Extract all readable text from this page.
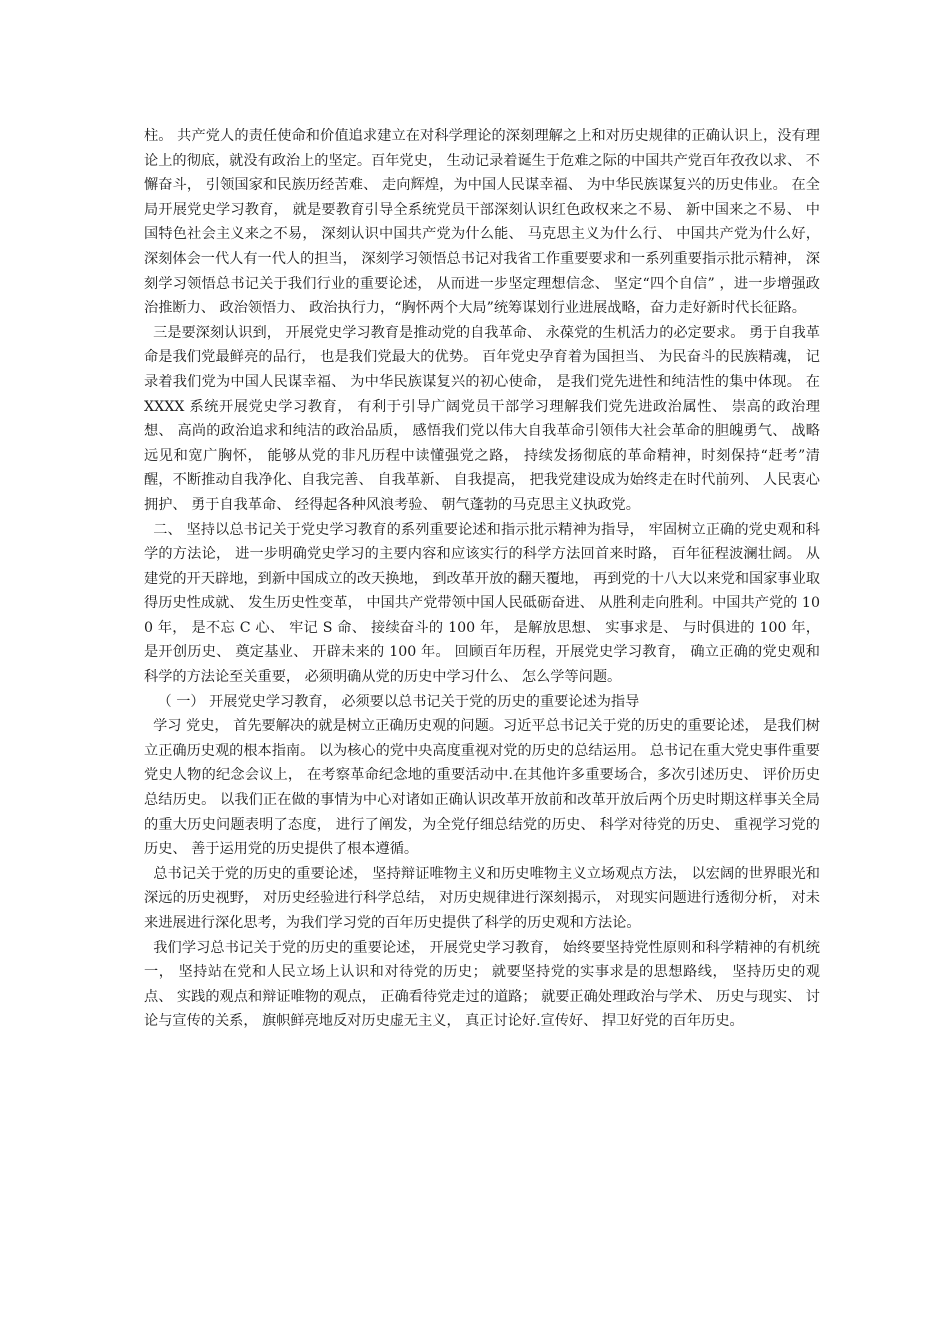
柱。 共产党人的责任使命和价值追求建立在对科学理论的深刻理解之上和对历史规律的正确认识上，没有理论上的彻底，就没有政治上的坚定。百年党史， 生动记录着诞生于危难之际的中国共产党百年孜孜以求、 不懈奋斗， 引领国家和民族历经苦难、 走向辉煌，为中国人民谋幸福、 为中华民族谋复兴的历史伟业。 在全局开展党史学习教育， 就是要教育引导全系统党员干部深刻认识红色政权来之不易、 新中国来之不易、 中国特色社会主义来之不易， 深刻认识中国共产党为什么能、 马克思主义为什么行、 中国共产党为什么好， 深刻体会一代人有一代人的担当， 深刻学习领悟总书记对我省工作重要要求和一系列重要指示批示精神， 深刻学习领悟总书记关于我们行业的重要论述， 从而进一步坚定理想信念、 坚定“四个自信” ，进一步增强政治推断力、 政治领悟力、 政治执行力，“胸怀两个大局”统筹谋划行业进展战略，奋力走好新时代长征路。

三是要深刻认识到， 开展党史学习教育是推动党的自我革命、 永葆党的生机活力的必定要求。 勇于自我革命是我们党最鲜亮的品行， 也是我们党最大的优势。 百年党史孕育着为国担当、 为民奋斗的民族精魂， 记录着我们党为中国人民谋幸福、 为中华民族谋复兴的初心使命， 是我们党先进性和纯洁性的集中体现。 在 XXXX 系统开展党史学习教育， 有利于引导广阔党员干部学习理解我们党先进政治属性、 崇高的政治理想、 高尚的政治追求和纯洁的政治品质， 感悟我们党以伟大自我革命引领伟大社会革命的胆魄勇气、 战略远见和宽广胸怀， 能够从党的非凡历程中读懂强党之路， 持续发扬彻底的革命精神，时刻保持“赶考”清醒，不断推动自我净化、自我完善、 自我革新、 自我提高， 把我党建设成为始终走在时代前列、 人民衷心拥护、 勇于自我革命、 经得起各种风浪考验、 朝气蓬勃的马克思主义执政党。

二、 坚持以总书记关于党史学习教育的系列重要论述和指示批示精神为指导， 牢固树立正确的党史观和科学的方法论， 进一步明确党史学习的主要内容和应该实行的科学方法回首来时路， 百年征程波澜壮阔。 从建党的开天辟地，到新中国成立的改天换地， 到改革开放的翻天覆地， 再到党的十八大以来党和国家事业取得历史性成就、 发生历史性变革， 中国共产党带领中国人民砥砺奋进、 从胜利走向胜利。中国共产党的 100 年， 是不忘 C 心、 牢记 S 命、 接续奋斗的 100 年， 是解放思想、 实事求是、 与时俱进的 100 年， 是开创历史、 奠定基业、 开辟未来的 100 年。 回顾百年历程，开展党史学习教育， 确立正确的党史观和科学的方法论至关重要， 必须明确从党的历史中学习什么、 怎么学等问题。

（ 一） 开展党史学习教育， 必须要以总书记关于党的历史的重要论述为指导

学习 党史， 首先要解决的就是树立正确历史观的问题。习近平总书记关于党的历史的重要论述， 是我们树立正确历史观的根本指南。 以为核心的党中央高度重视对党的历史的总结运用。 总书记在重大党史事件重要党史人物的纪念会议上， 在考察革命纪念地的重要活动中.在其他许多重要场合，多次引述历史、 评价历史总结历史。 以我们正在做的事情为中心对诸如正确认识改革开放前和改革开放后两个历史时期这样事关全局的重大历史问题表明了态度， 进行了阐发，为全党仔细总结党的历史、 科学对待党的历史、 重视学习党的历史、 善于运用党的历史提供了根本遵循。

总书记关于党的历史的重要论述， 坚持辩证唯物主义和历史唯物主义立场观点方法， 以宏阔的世界眼光和深远的历史视野， 对历史经验进行科学总结， 对历史规律进行深刻揭示， 对现实问题进行透彻分析， 对未来进展进行深化思考，为我们学习党的百年历史提供了科学的历史观和方法论。

我们学习总书记关于党的历史的重要论述， 开展党史学习教育， 始终要坚持党性原则和科学精神的有机统一， 坚持站在党和人民立场上认识和对待党的历史； 就要坚持党的实事求是的思想路线， 坚持历史的观点、 实践的观点和辩证唯物的观点， 正确看待党走过的道路； 就要正确处理政治与学术、 历史与现实、 讨论与宣传的关系， 旗帜鲜亮地反对历史虚无主义， 真正讨论好.宣传好、 捍卫好党的百年历史。
